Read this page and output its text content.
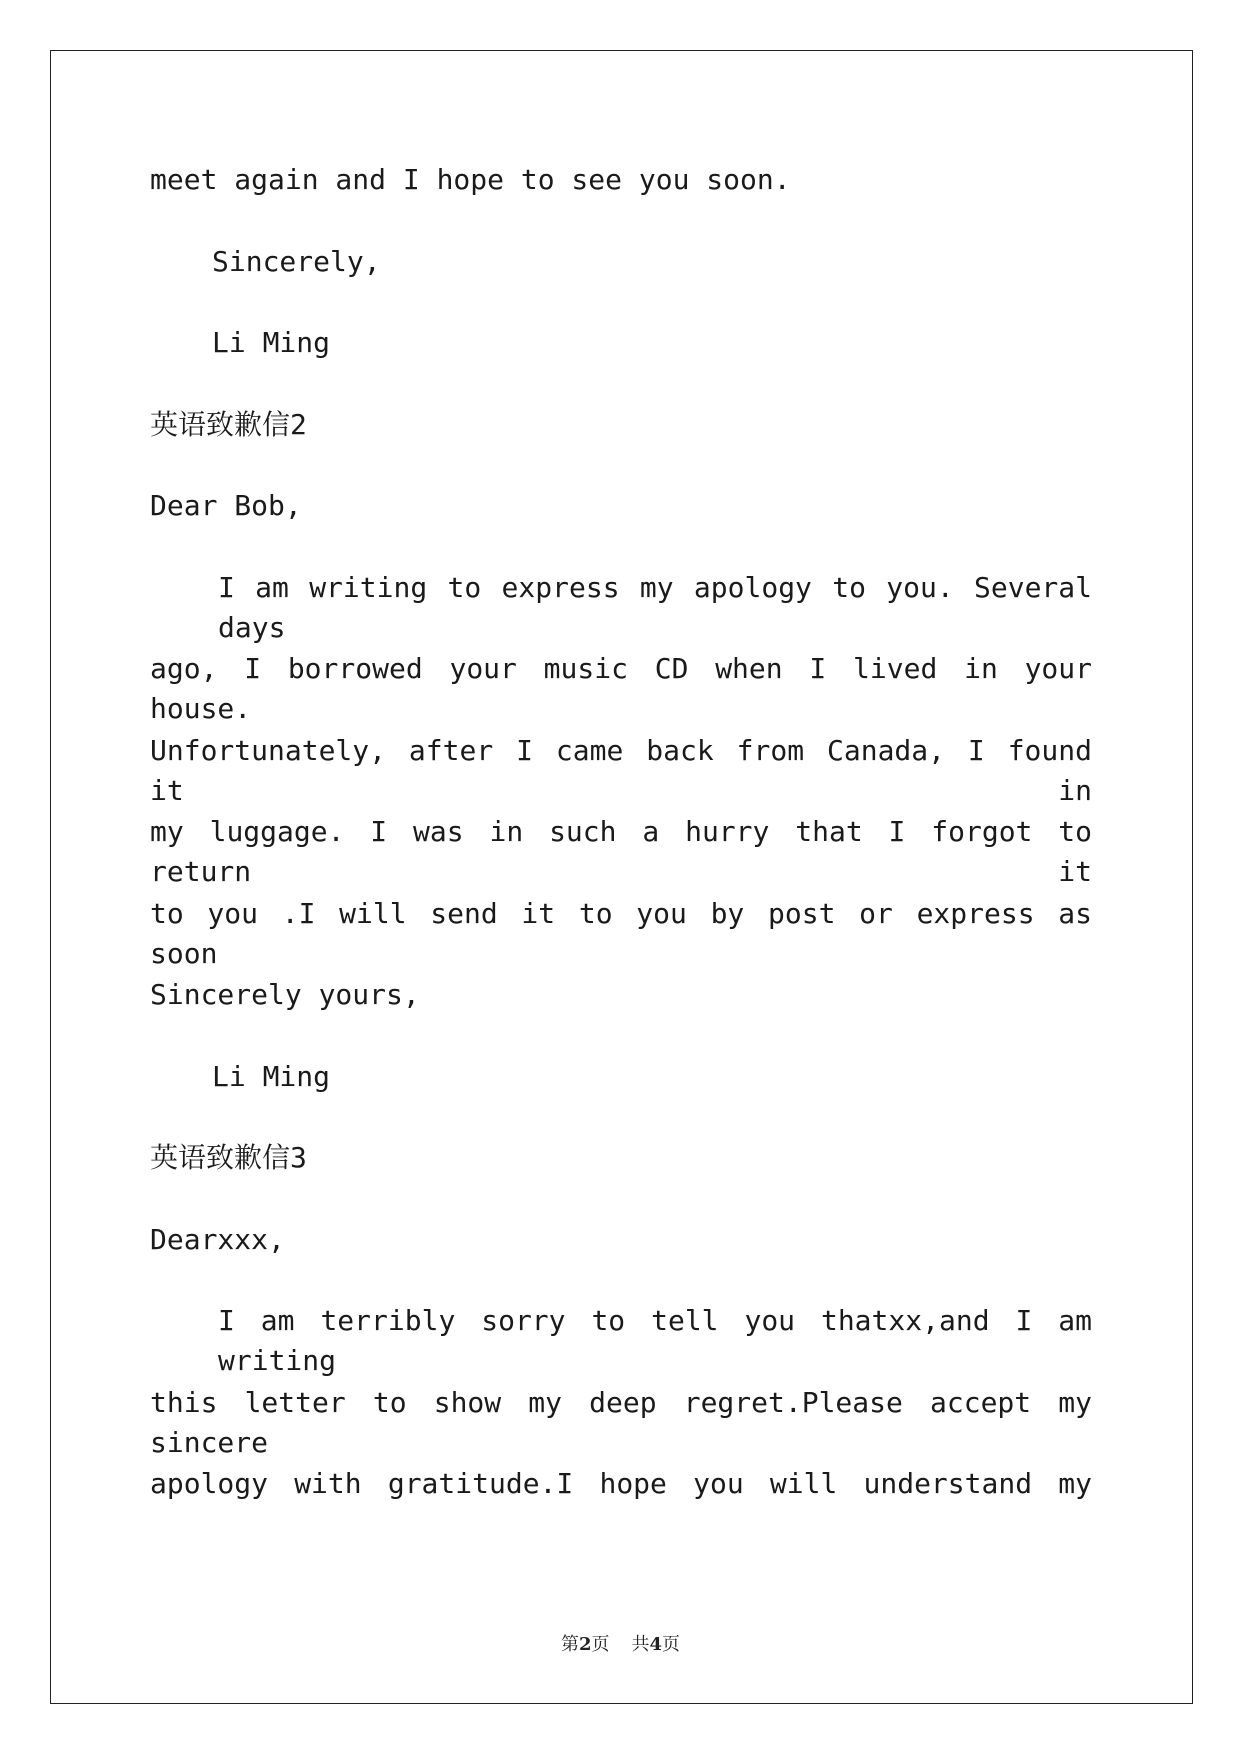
meet again and I hope to see you soon.
Sincerely,
Li Ming
英语致歉信2
Dear Bob,
I am writing to express my apology to you. Several days
ago, I borrowed your music CD when I lived in your house.
Unfortunately, after I came back from Canada, I found it in
my luggage. I was in such a hurry that I forgot to return it
to you .I will send it to you by post or express as soon
Sincerely yours,
Li Ming
英语致歉信3
Dearxxx,
I am terribly sorry to tell you thatxx,and I am writing
this letter to show my deep regret.Please accept my sincere
apology with gratitude.I hope you will understand my
第2页 共4页
